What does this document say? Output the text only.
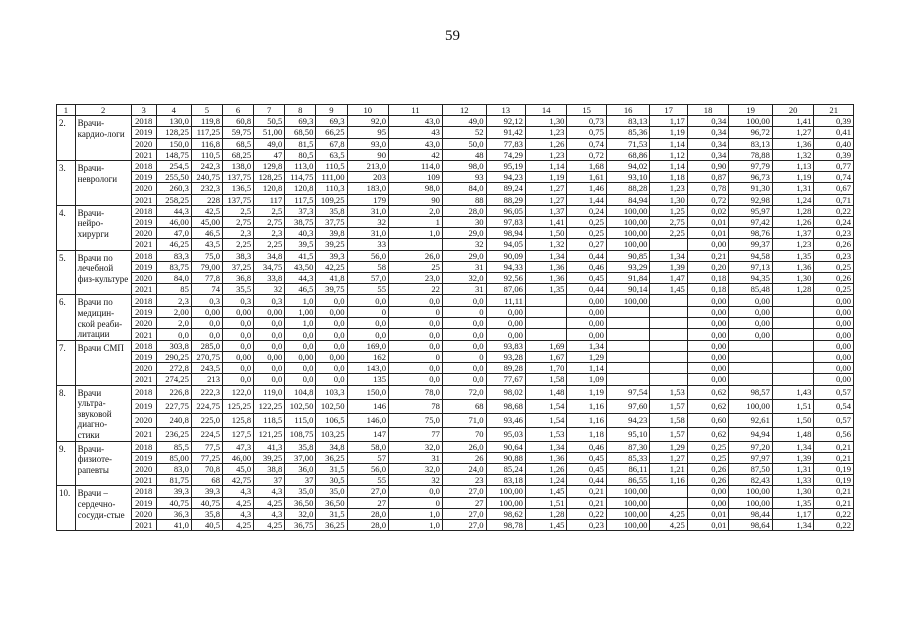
59
1	2	3	4	5	6	7	8	9	10	11	12	13	14	15	16	17	18	19	20	21
2.	Врачи-кардио-логи	2018	130,0	119,8	60,8	50,5	69,3	69,3	92,0	43,0	49,0	92,12	1,30	0,73	83,13	1,17	0,34	100,00	1,41	0,39
		2019	128,25	117,25	59,75	51,00	68,50	66,25	95	43	52	91,42	1,23	0,75	85,36	1,19	0,34	96,72	1,27	0,41
		2020	150,0	116,8	68,5	49,0	81,5	67,8	93,0	43,0	50,0	77,83	1,26	0,74	71,53	1,14	0,34	83,13	1,36	0,40
		2021	148,75	110,5	68,25	47	80,5	63,5	90	42	48	74,29	1,23	0,72	68,86	1,12	0,34	78,88	1,32	0,39
3.	Врачи-неврологи	2018	254,5	242,3	138,0	129,8	113,0	110,5	213,0	114,0	98,0	95,19	1,14	1,68	94,02	1,14	0,90	97,79	1,13	0,77
		2019	255,50	240,75	137,75	128,25	114,75	111,00	203	109	93	94,23	1,19	1,61	93,10	1,18	0,87	96,73	1,19	0,74
		2020	260,3	232,3	136,5	120,8	120,8	110,3	183,0	98,0	84,0	89,24	1,27	1,46	88,28	1,23	0,78	91,30	1,31	0,67
		2021	258,25	228	137,75	117	117,5	109,25	179	90	88	88,29	1,27	1,44	84,94	1,30	0,72	92,98	1,24	0,71
4.	Врачи-нейро-хирурги	2018	44,3	42,5	2,5	2,5	37,3	35,8	31,0	2,0	28,0	96,05	1,37	0,24	100,00	1,25	0,02	95,97	1,28	0,22
		2019	46,00	45,00	2,75	2,75	38,75	37,75	32	1	30	97,83	1,41	0,25	100,00	2,75	0,01	97,42	1,26	0,24
		2020	47,0	46,5	2,3	2,3	40,3	39,8	31,0	1,0	29,0	98,94	1,50	0,25	100,00	2,25	0,01	98,76	1,37	0,23
		2021	46,25	43,5	2,25	2,25	39,5	39,25	33		32	94,05	1,32	0,27	100,00		0,00	99,37	1,23	0,26
5.	Врачи по лечебной физ-культуре	2018	83,3	75,0	38,3	34,8	41,5	39,3	56,0	26,0	29,0	90,09	1,34	0,44	90,85	1,34	0,21	94,58	1,35	0,23
		2019	83,75	79,00	37,25	34,75	43,50	42,25	58	25	31	94,33	1,36	0,46	93,29	1,39	0,20	97,13	1,36	0,25
		2020	84,0	77,8	36,8	33,8	44,3	41,8	57,0	23,0	32,0	92,56	1,36	0,45	91,84	1,47	0,18	94,35	1,30	0,26
		2021	85	74	35,5	32	46,5	39,75	55	22	31	87,06	1,35	0,44	90,14	1,45	0,18	85,48	1,28	0,25
6.	Врачи по медицин-ской реаби-литации	2018	2,3	0,3	0,3	0,3	1,0	0,0	0,0	0,0	0,0	11,11		0,00	100,00		0,00	0,00		0,00
		2019	2,00	0,00	0,00	0,00	1,00	0,00	0	0	0	0,00		0,00			0,00	0,00		0,00
		2020	2,0	0,0	0,0	0,0	1,0	0,0	0,0	0,0	0,0	0,00		0,00			0,00	0,00		0,00
		2021	0,0	0,0	0,0	0,0	0,0	0,0	0,0	0,0	0,0	0,00		0,00			0,00	0,00		0,00
7.	Врачи СМП	2018	303,8	285,0	0,0	0,0	0,0	0,0	169,0	0,0	0,0	93,83	1,69	1,34			0,00			0,00
		2019	290,25	270,75	0,00	0,00	0,00	0,00	162	0	0	93,28	1,67	1,29			0,00			0,00
		2020	272,8	243,5	0,0	0,0	0,0	0,0	143,0	0,0	0,0	89,28	1,70	1,14			0,00			0,00
		2021	274,25	213	0,0	0,0	0,0	0,0	135	0,0	0,0	77,67	1,58	1,09			0,00			0,00
8.	Врачи ультра-звуковой диагно-стики	2018	226,8	222,3	122,0	119,0	104,8	103,3	150,0	78,0	72,0	98,02	1,48	1,19	97,54	1,53	0,62	98,57	1,43	0,57
		2019	227,75	224,75	125,25	122,25	102,50	102,50	146	78	68	98,68	1,54	1,16	97,60	1,57	0,62	100,00	1,51	0,54
		2020	240,8	225,0	125,8	118,5	115,0	106,5	146,0	75,0	71,0	93,46	1,54	1,16	94,23	1,58	0,60	92,61	1,50	0,57
		2021	236,25	224,5	127,5	121,25	108,75	103,25	147	77	70	95,03	1,53	1,18	95,10	1,57	0,62	94,94	1,48	0,56
9.	Врачи-физиоте-рапевты	2018	85,5	77,5	47,3	41,3	35,8	34,8	58,0	32,0	26,0	90,64	1,34	0,46	87,30	1,29	0,25	97,20	1,34	0,21
		2019	85,00	77,25	46,00	39,25	37,00	36,25	57	31	26	90,88	1,36	0,45	85,33	1,27	0,25	97,97	1,39	0,21
		2020	83,0	70,8	45,0	38,8	36,0	31,5	56,0	32,0	24,0	85,24	1,26	0,45	86,11	1,21	0,26	87,50	1,31	0,19
		2021	81,75	68	42,75	37	37	30,5	55	32	23	83,18	1,24	0,44	86,55	1,16	0,26	82,43	1,33	0,19
10.	Врачи – сердечно-сосуди-стые	2018	39,3	39,3	4,3	4,3	35,0	35,0	27,0	0,0	27,0	100,00	1,45	0,21	100,00		0,00	100,00	1,30	0,21
		2019	40,75	40,75	4,25	4,25	36,50	36,50	27	0	27	100,00	1,51	0,21	100,00		0,00	100,00	1,35	0,21
		2020	36,3	35,8	4,3	4,3	32,0	31,5	28,0	1,0	27,0	98,62	1,28	0,22	100,00	4,25	0,01	98,44	1,17	0,22
		2021	41,0	40,5	4,25	4,25	36,75	36,25	28,0	1,0	27,0	98,78	1,45	0,23	100,00	4,25	0,01	98,64	1,34	0,22
